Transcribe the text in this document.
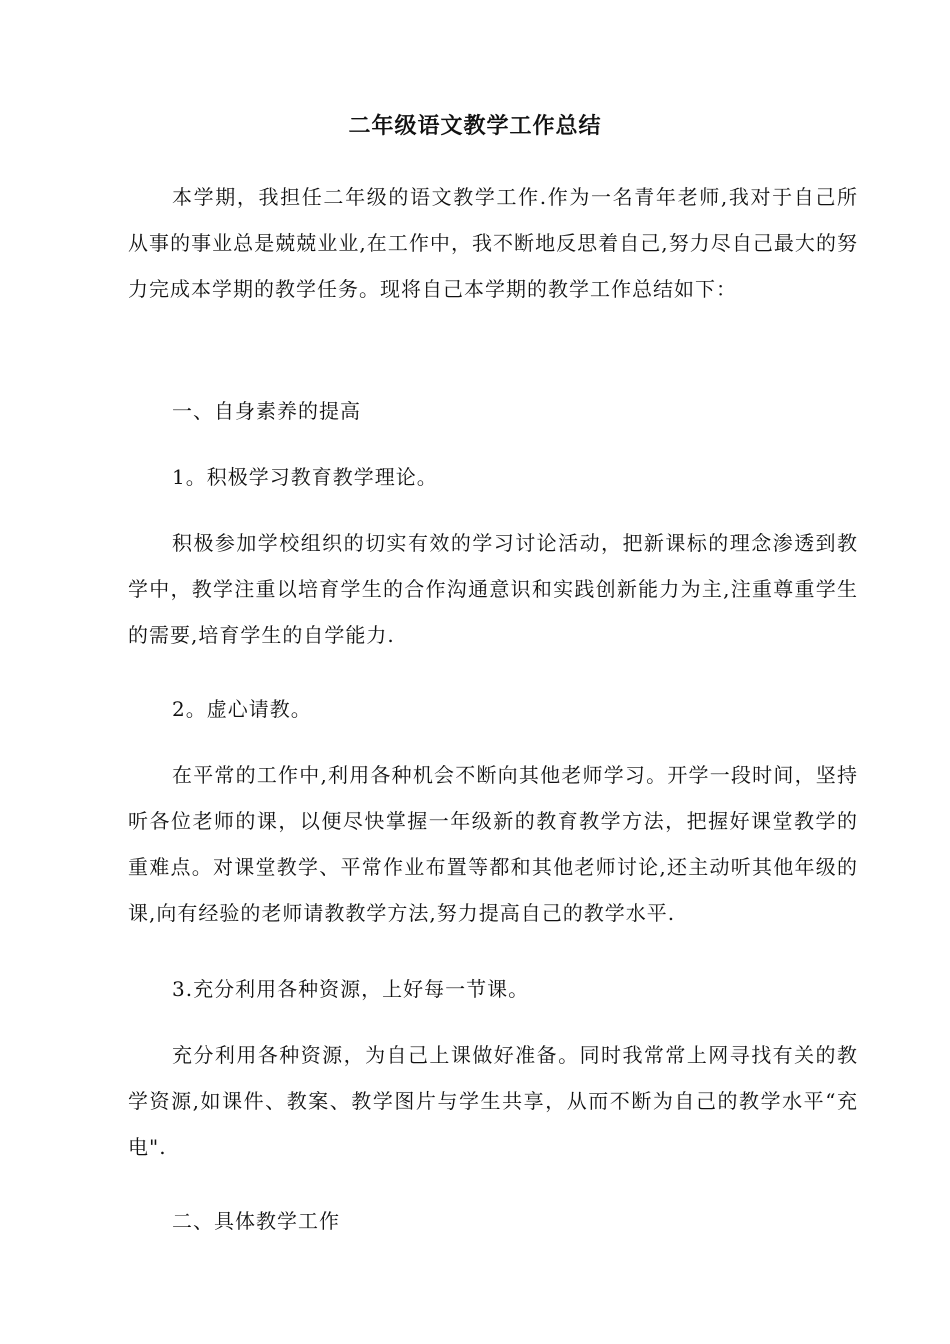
二年级语文教学工作总结

本学期，我担任二年级的语文教学工作.作为一名青年老师,我对于自己所从事的事业总是兢兢业业,在工作中，我不断地反思着自己,努力尽自己最大的努力完成本学期的教学任务。现将自己本学期的教学工作总结如下：

一、自身素养的提高

1。积极学习教育教学理论。

积极参加学校组织的切实有效的学习讨论活动，把新课标的理念渗透到教学中，教学注重以培育学生的合作沟通意识和实践创新能力为主,注重尊重学生的需要,培育学生的自学能力.

2。虚心请教。

在平常的工作中,利用各种机会不断向其他老师学习。开学一段时间，坚持听各位老师的课，以便尽快掌握一年级新的教育教学方法，把握好课堂教学的重难点。对课堂教学、平常作业布置等都和其他老师讨论,还主动听其他年级的课,向有经验的老师请教教学方法,努力提高自己的教学水平.

3.充分利用各种资源，上好每一节课。

充分利用各种资源，为自己上课做好准备。同时我常常上网寻找有关的教学资源,如课件、教案、教学图片与学生共享，从而不断为自己的教学水平“充电".

二、具体教学工作
